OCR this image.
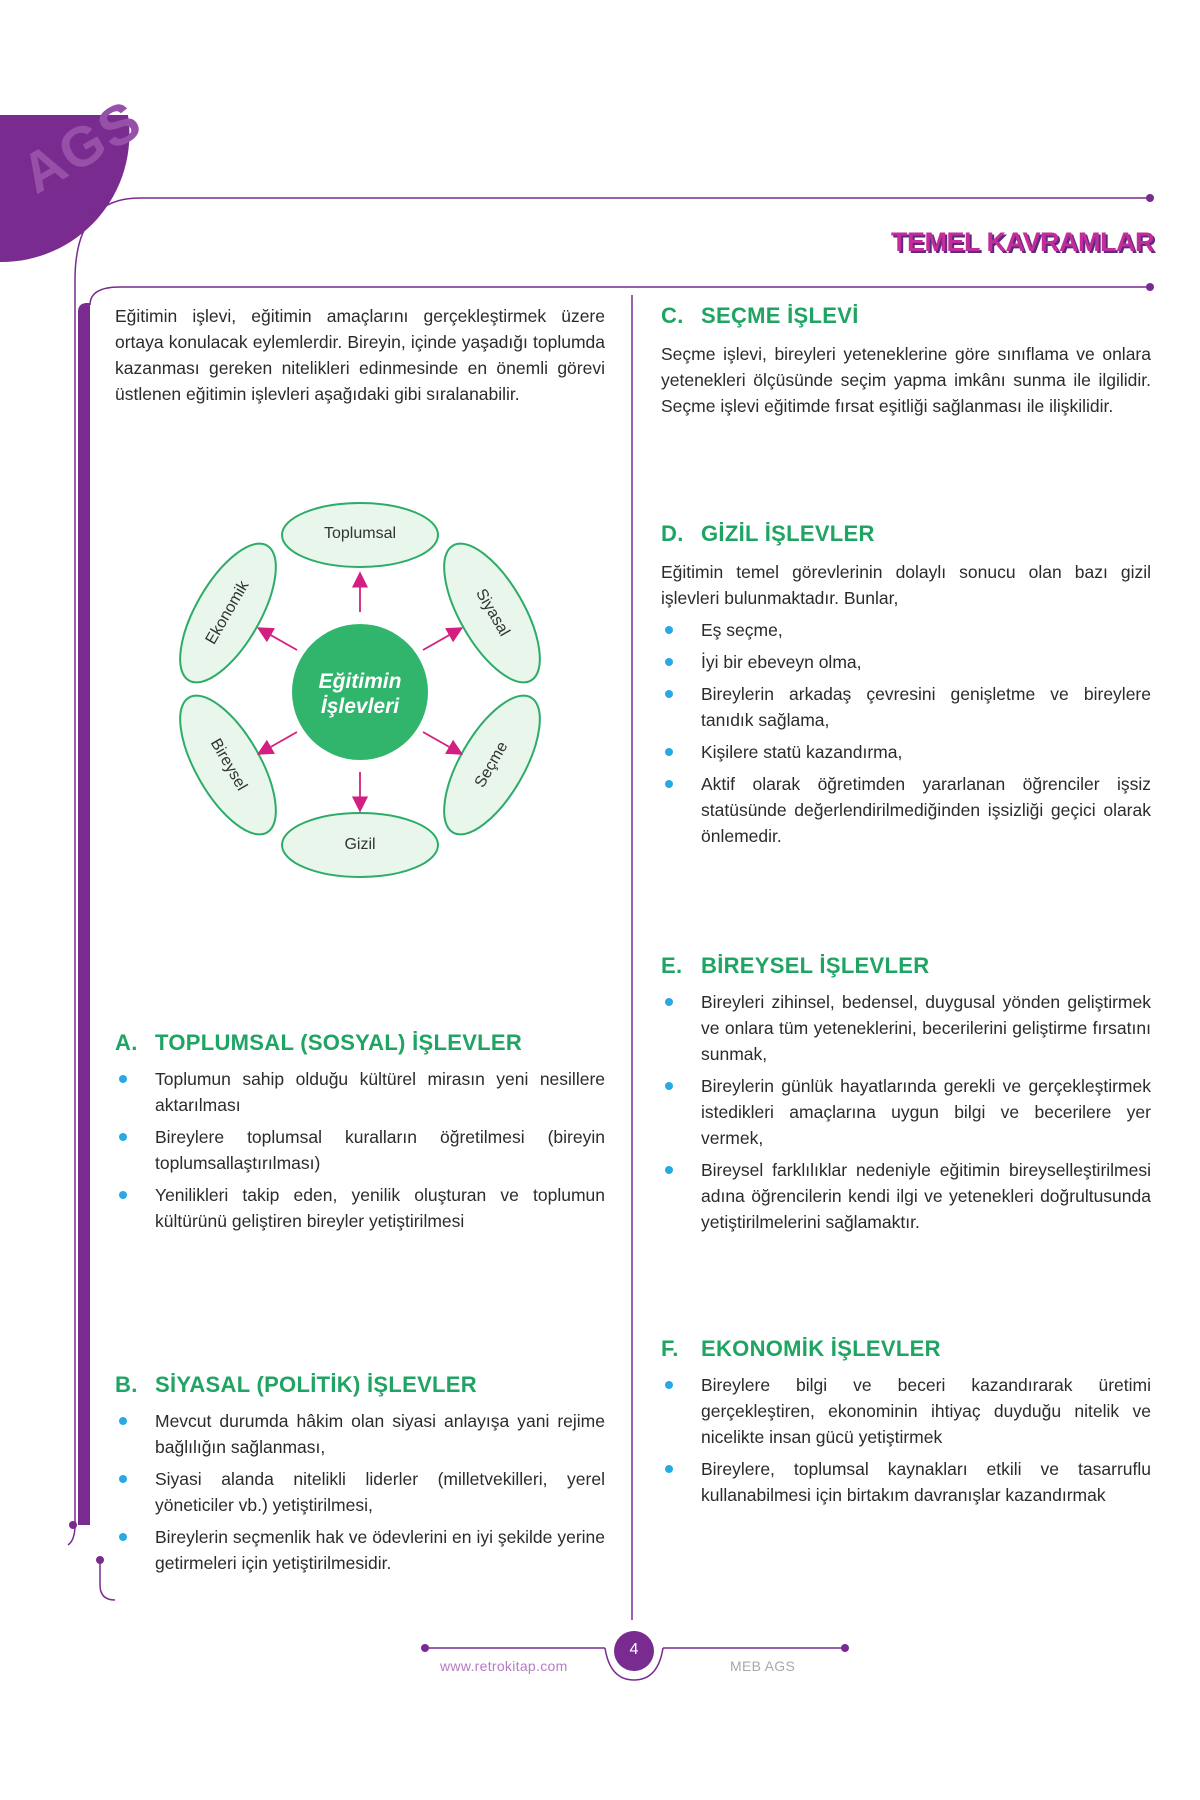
AGS
TEMEL KAVRAMLAR

Eğitimin işlevi, eğitimin amaçlarını gerçekleştirmek üzere ortaya konulacak eylemlerdir. Bireyin, içinde yaşadığı toplumda kazanması gereken nitelikleri edinmesinde en önemli görevi üstlenen eğitimin işlevleri aşağıdaki gibi sıralanabilir.

Toplumsal
Gizil
Siyasal
Seçme
Bireysel
Ekonomik
Eğitimin
İşlevleri
A. TOPLUMSAL (SOSYAL) İŞLEVLER
Toplumun sahip olduğu kültürel mirasın yeni nesillere aktarılması
Bireylere toplumsal kuralların öğretilmesi (bireyin toplumsallaştırılması)
Yenilikleri takip eden, yenilik oluşturan ve toplumun kültürünü geliştiren bireyler yetiştirilmesi
B. SİYASAL (POLİTİK) İŞLEVLER
Mevcut durumda hâkim olan siyasi anlayışa yani rejime bağlılığın sağlanması,
Siyasi alanda nitelikli liderler (milletvekilleri, yerel yöneticiler vb.) yetiştirilmesi,
Bireylerin seçmenlik hak ve ödevlerini en iyi şekilde yerine getirmeleri için yetiştirilmesidir.
C. SEÇME İŞLEVİ

Seçme işlevi, bireyleri yeteneklerine göre sınıflama ve onlara yetenekleri ölçüsünde seçim yapma imkânı sunma ile ilgilidir. Seçme işlevi eğitimde fırsat eşitliği sağlanması ile ilişkilidir.

D. GİZİL İŞLEVLER

Eğitimin temel görevlerinin dolaylı sonucu olan bazı gizil işlevleri bulunmaktadır. Bunlar,

Eş seçme,
İyi bir ebeveyn olma,
Bireylerin arkadaş çevresini genişletme ve bireylere tanıdık sağlama,
Kişilere statü kazandırma,
Aktif olarak öğretimden yararlanan öğrenciler işsiz statüsünde değerlendirilmediğinden işsizliği geçici olarak önlemedir.
E. BİREYSEL İŞLEVLER
Bireyleri zihinsel, bedensel, duygusal yönden geliştirmek ve onlara tüm yeteneklerini, becerilerini geliştirme fırsatını sunmak,
Bireylerin günlük hayatlarında gerekli ve gerçekleştirmek istedikleri amaçlarına uygun bilgi ve becerilere yer vermek,
Bireysel farklılıklar nedeniyle eğitimin bireyselleştirilmesi adına öğrencilerin kendi ilgi ve yetenekleri doğrultusunda yetiştirilmelerini sağlamaktır.
F. EKONOMİK İŞLEVLER
Bireylere bilgi ve beceri kazandırarak üretimi gerçekleştiren, ekonominin ihtiyaç duyduğu nitelik ve nicelikte insan gücü yetiştirmek
Bireylere, toplumsal kaynakları etkili ve tasarruflu kullanabilmesi için birtakım davranışlar kazandırmak
www.retrokitap.com
4
MEB AGS
